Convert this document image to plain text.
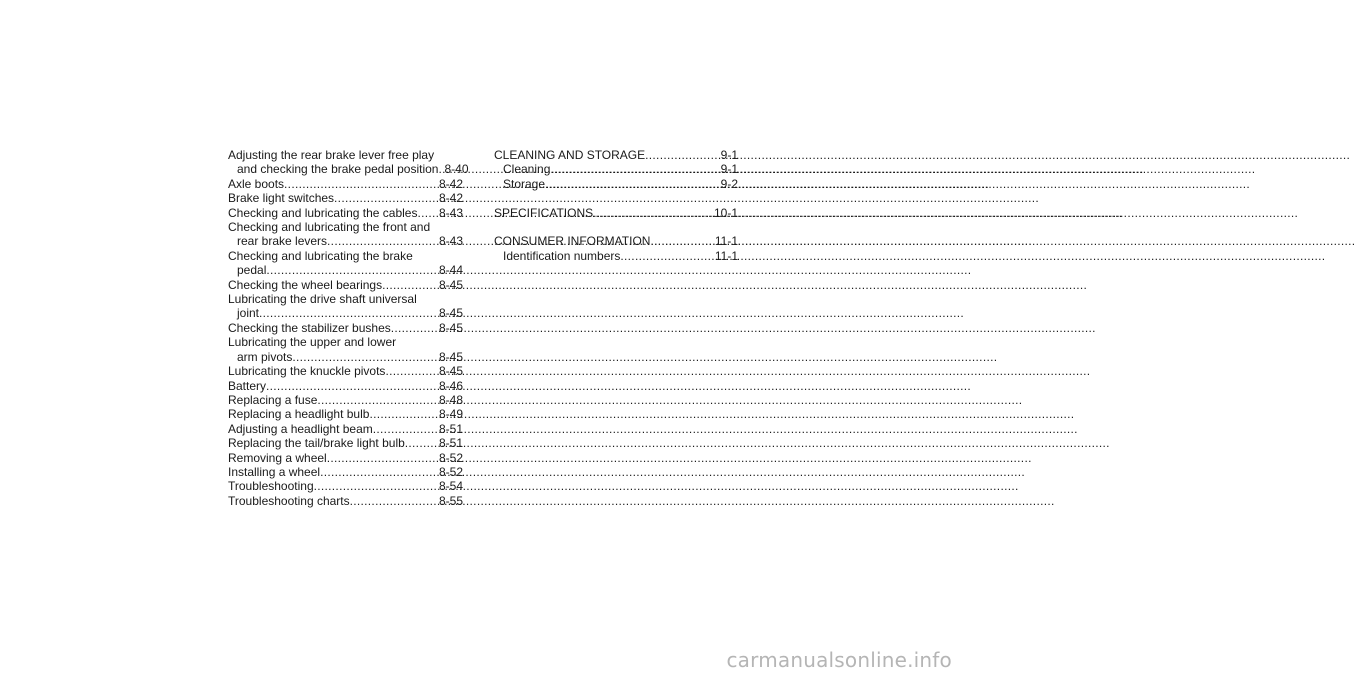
Adjusting the rear brake lever free play
and checking the brake pedal position ..... 8-40
Axle boots .....	8-42
Brake light switches .....	8-42
Checking and lubricating the cables ..... 8-43
Checking and lubricating the front and
rear brake levers .....	8-43
Checking and lubricating the brake
pedal .....	8-44
Checking the wheel bearings .....	8-45
Lubricating the drive shaft universal
joint .....	8-45
Checking the stabilizer bushes .....	8-45
Lubricating the upper and lower
arm pivots .....	8-45
Lubricating the knuckle pivots .....	8-45
Battery .....	8-46
Replacing a fuse .....	8-48
Replacing a headlight bulb .....	8-49
Adjusting a headlight beam .....	8-51
Replacing the tail/brake light bulb .....	8-51
Removing a wheel .....	8-52
Installing a wheel .....	8-52
Troubleshooting .....	8-54
Troubleshooting charts .....	8-55
CLEANING AND STORAGE .....	9-1
Cleaning .....	9-1
Storage .....	9-2
SPECIFICATIONS .....	10-1
CONSUMER INFORMATION .....	11-1
Identification numbers .....	11-1
carmanualsonline.info
